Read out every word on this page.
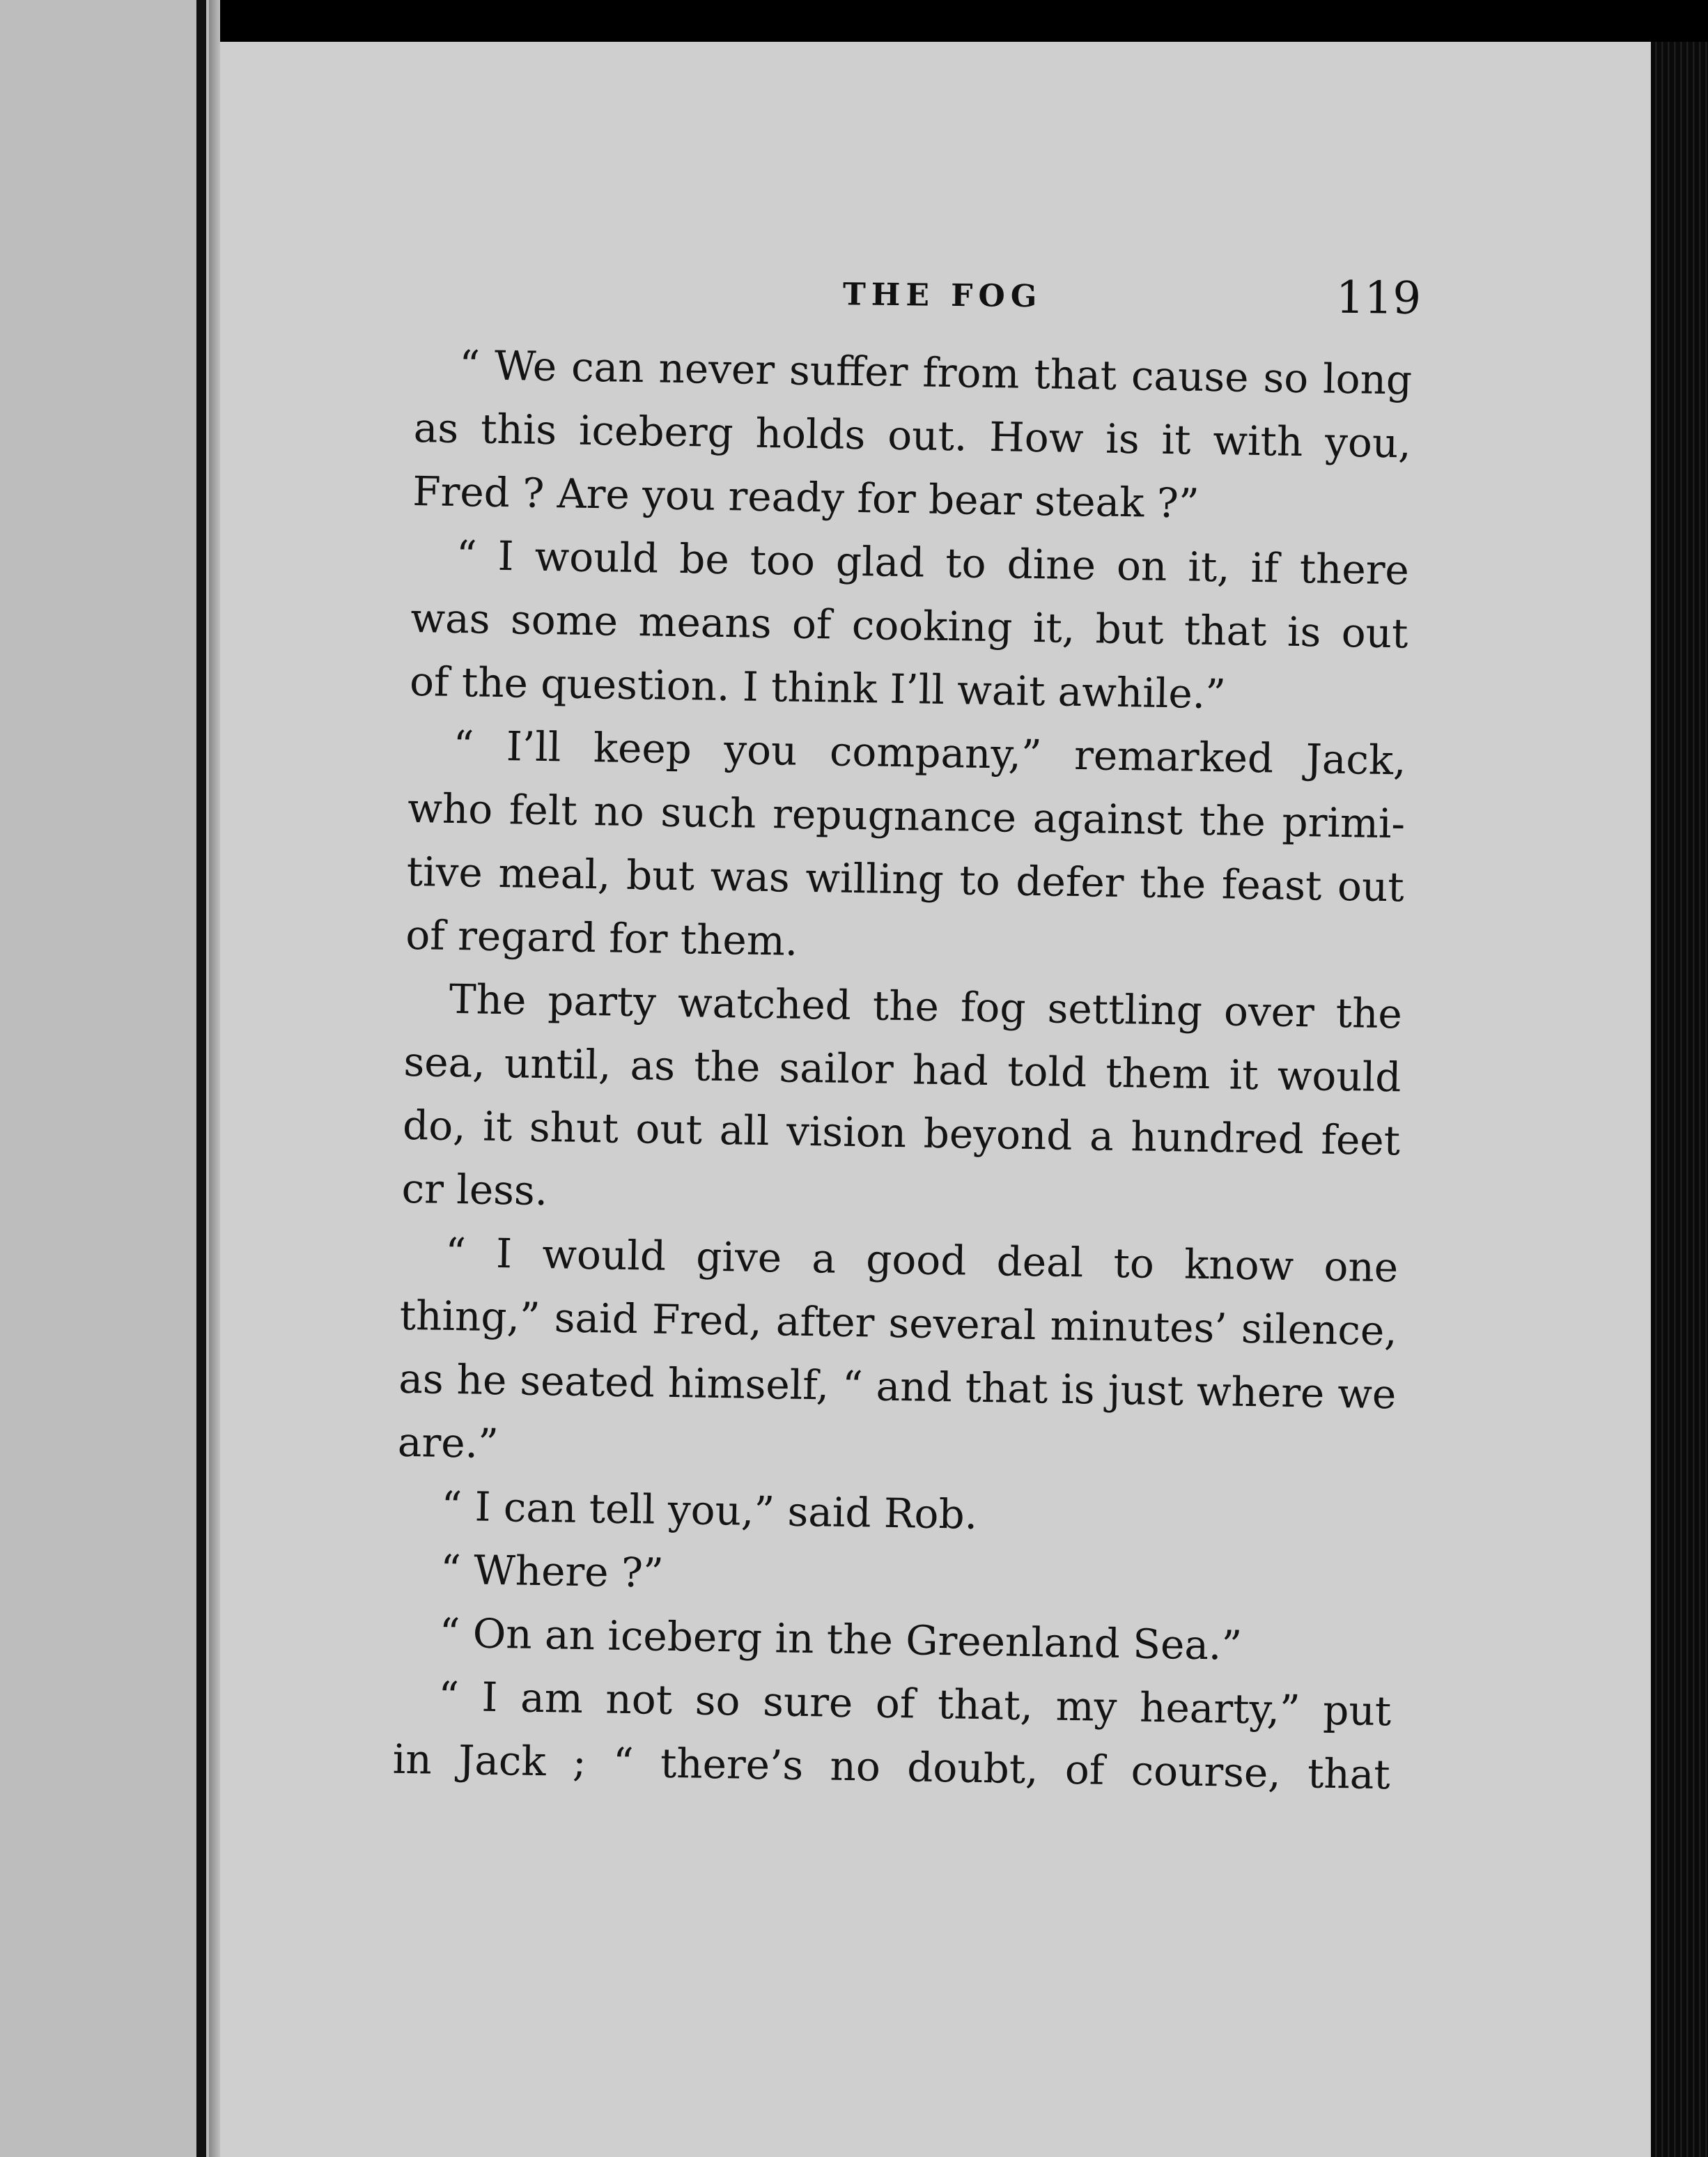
THE FOG	119
“ We can never suffer from that cause so long
as this iceberg holds out. How is it with you,
Fred ? Are you ready for bear steak ?”
“ I would be too glad to dine on it, if there
was some means of cooking it, but that is out
of the question. I think I’ll wait awhile.”
“ I’ll keep you company,” remarked Jack,
who felt no such repugnance against the primi-
tive meal, but was willing to defer the feast out
of regard for them.
The party watched the fog settling over the
sea, until, as the sailor had told them it would
do, it shut out all vision beyond a hundred feet
cr less.
“ I would give a good deal to know one
thing,” said Fred, after several minutes’ silence,
as he seated himself, “ and that is just where we
are.”
“ I can tell you,” said Rob.
“ Where ?”
“ On an iceberg in the Greenland Sea.”
“ I am not so sure of that, my hearty,” put
in Jack ; “ there’s no doubt, of course, that
